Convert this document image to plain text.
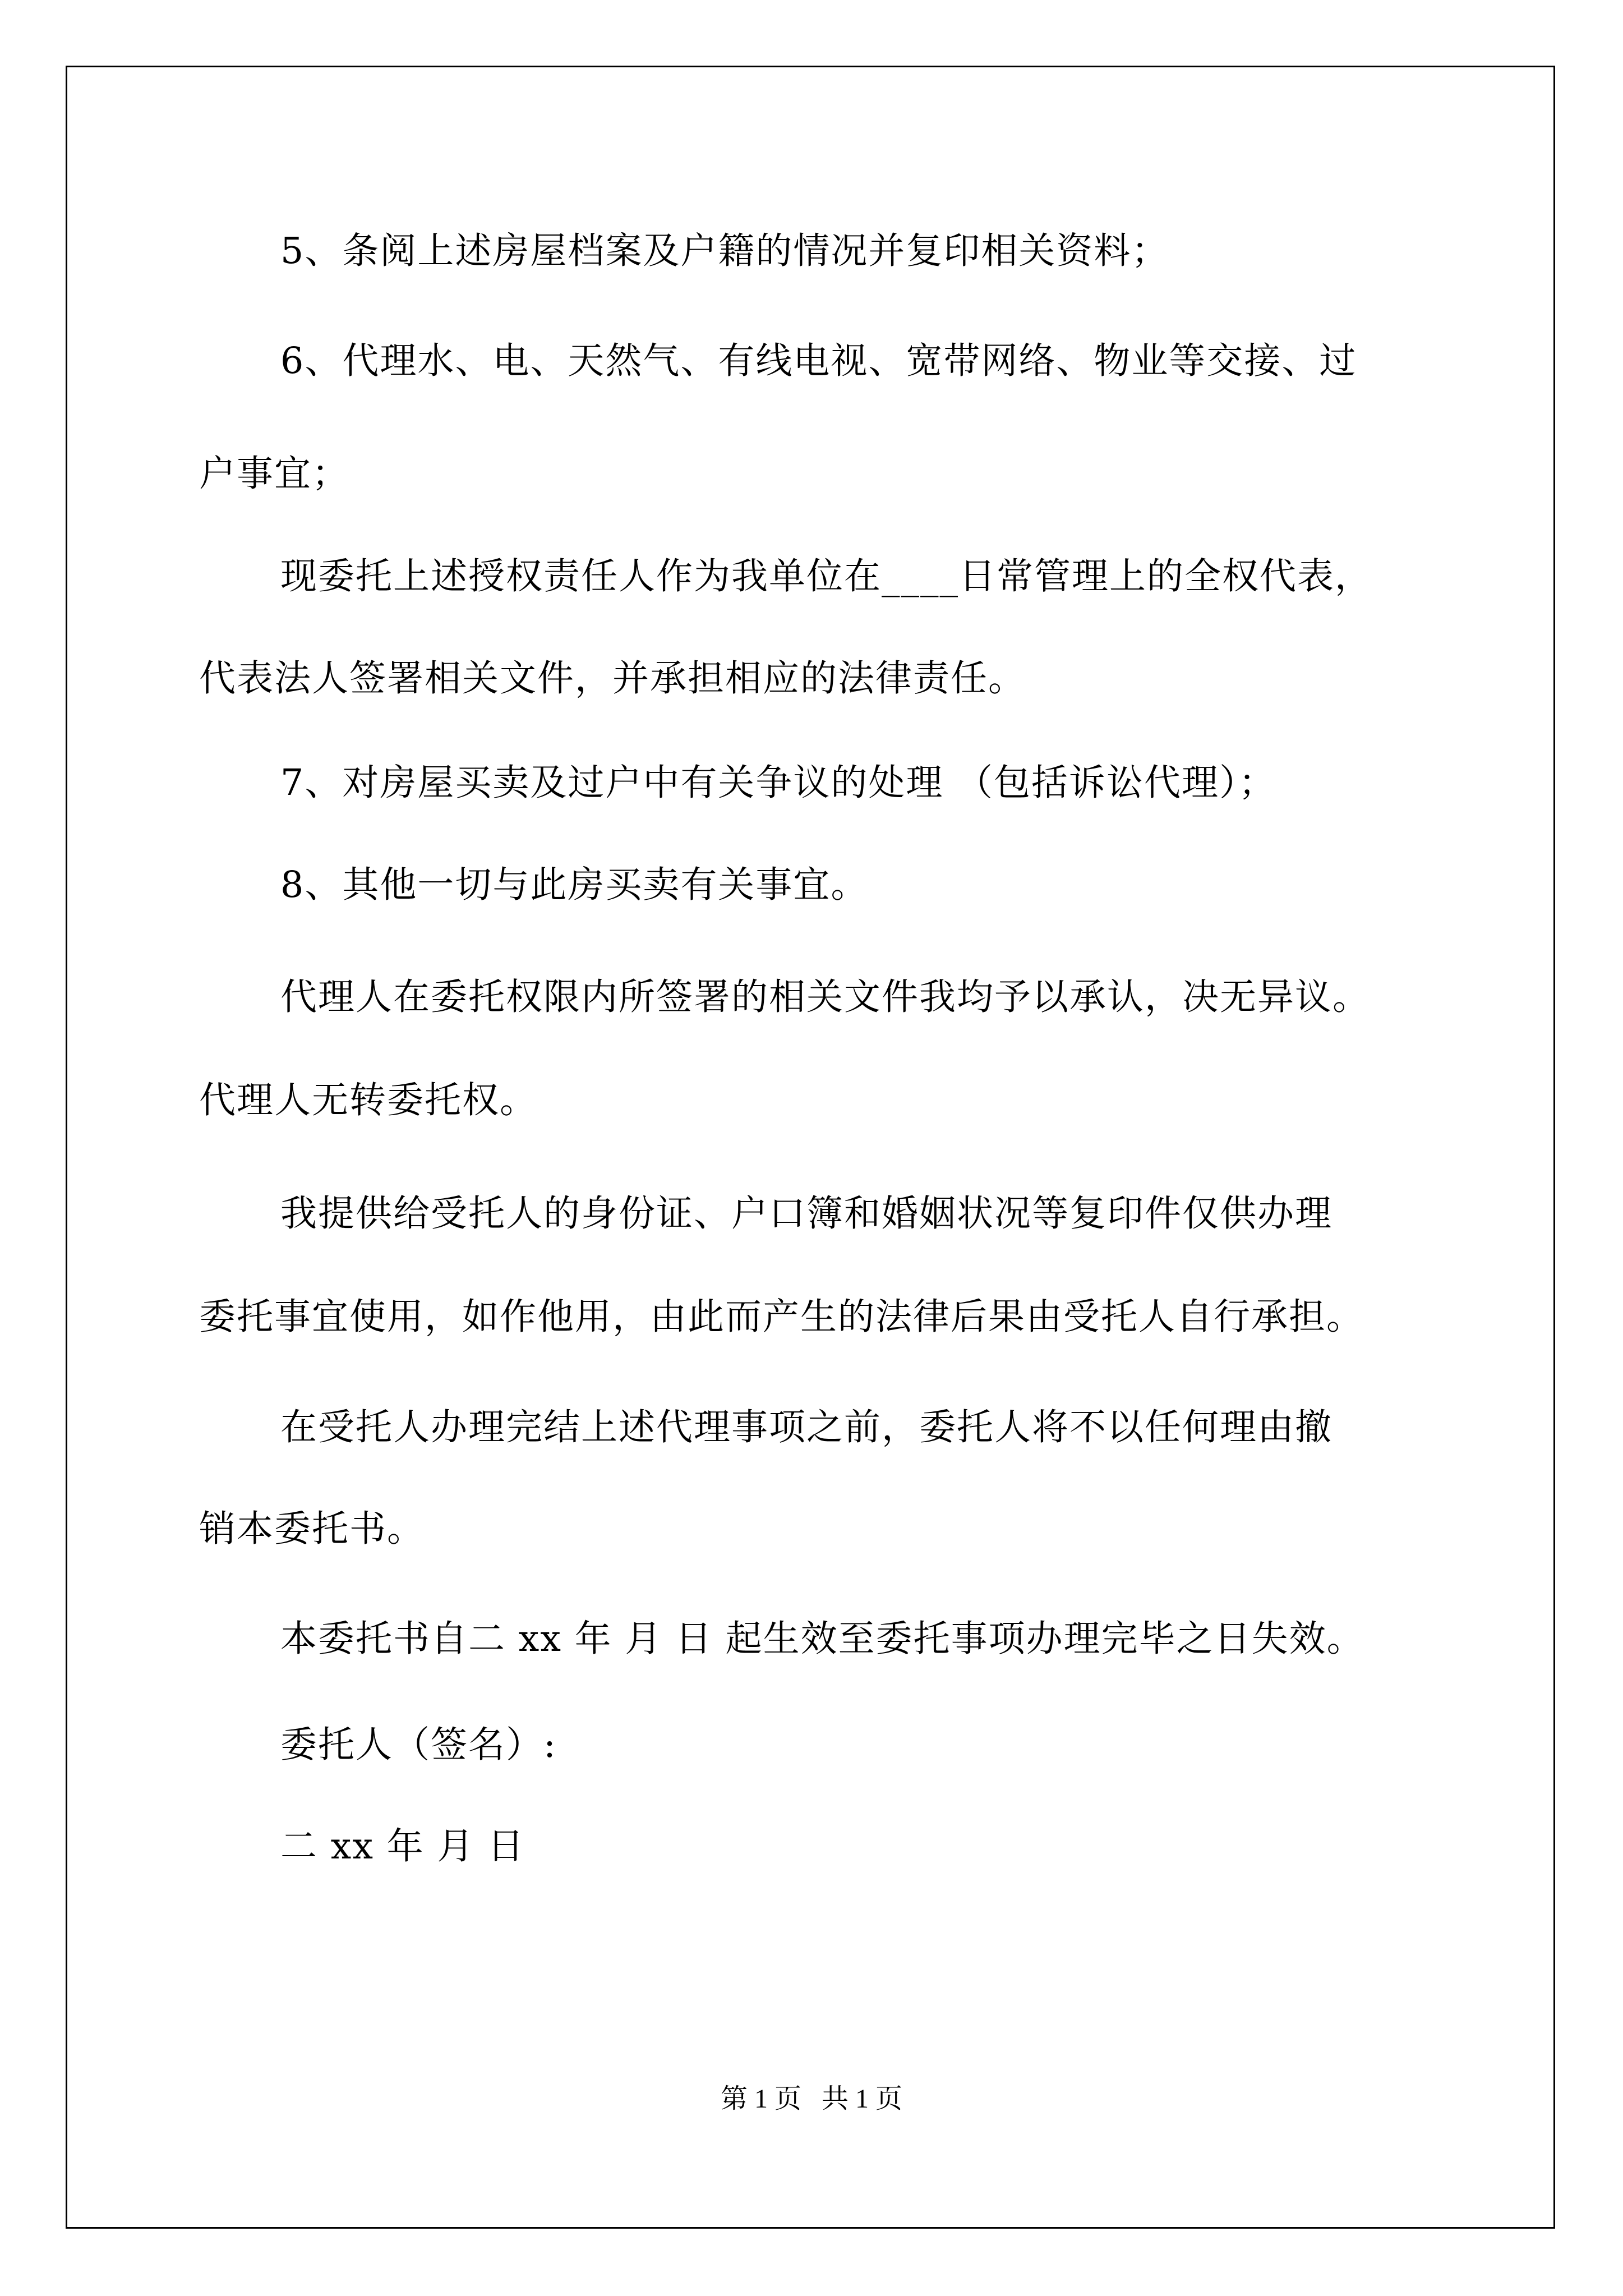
5、条阅上述房屋档案及户籍的情况并复印相关资料；
6、代理水、电、天然气、有线电视、宽带网络、物业等交接、过
户事宜；
现委托上述授权责任人作为我单位在____日常管理上的全权代表，
代表法人签署相关文件，并承担相应的法律责任。
7、对房屋买卖及过户中有关争议的处理 （包括诉讼代理）；
8、其他一切与此房买卖有关事宜。
代理人在委托权限内所签署的相关文件我均予以承认，决无异议。
代理人无转委托权。
我提供给受托人的身份证、户口簿和婚姻状况等复印件仅供办理
委托事宜使用，如作他用，由此而产生的法律后果由受托人自行承担。
在受托人办理完结上述代理事项之前，委托人将不以任何理由撤
销本委托书。
本委托书自二 xx 年 月 日 起生效至委托事项办理完毕之日失效。
委托人（签名）:
二 xx 年 月 日
第 1 页   共 1 页
